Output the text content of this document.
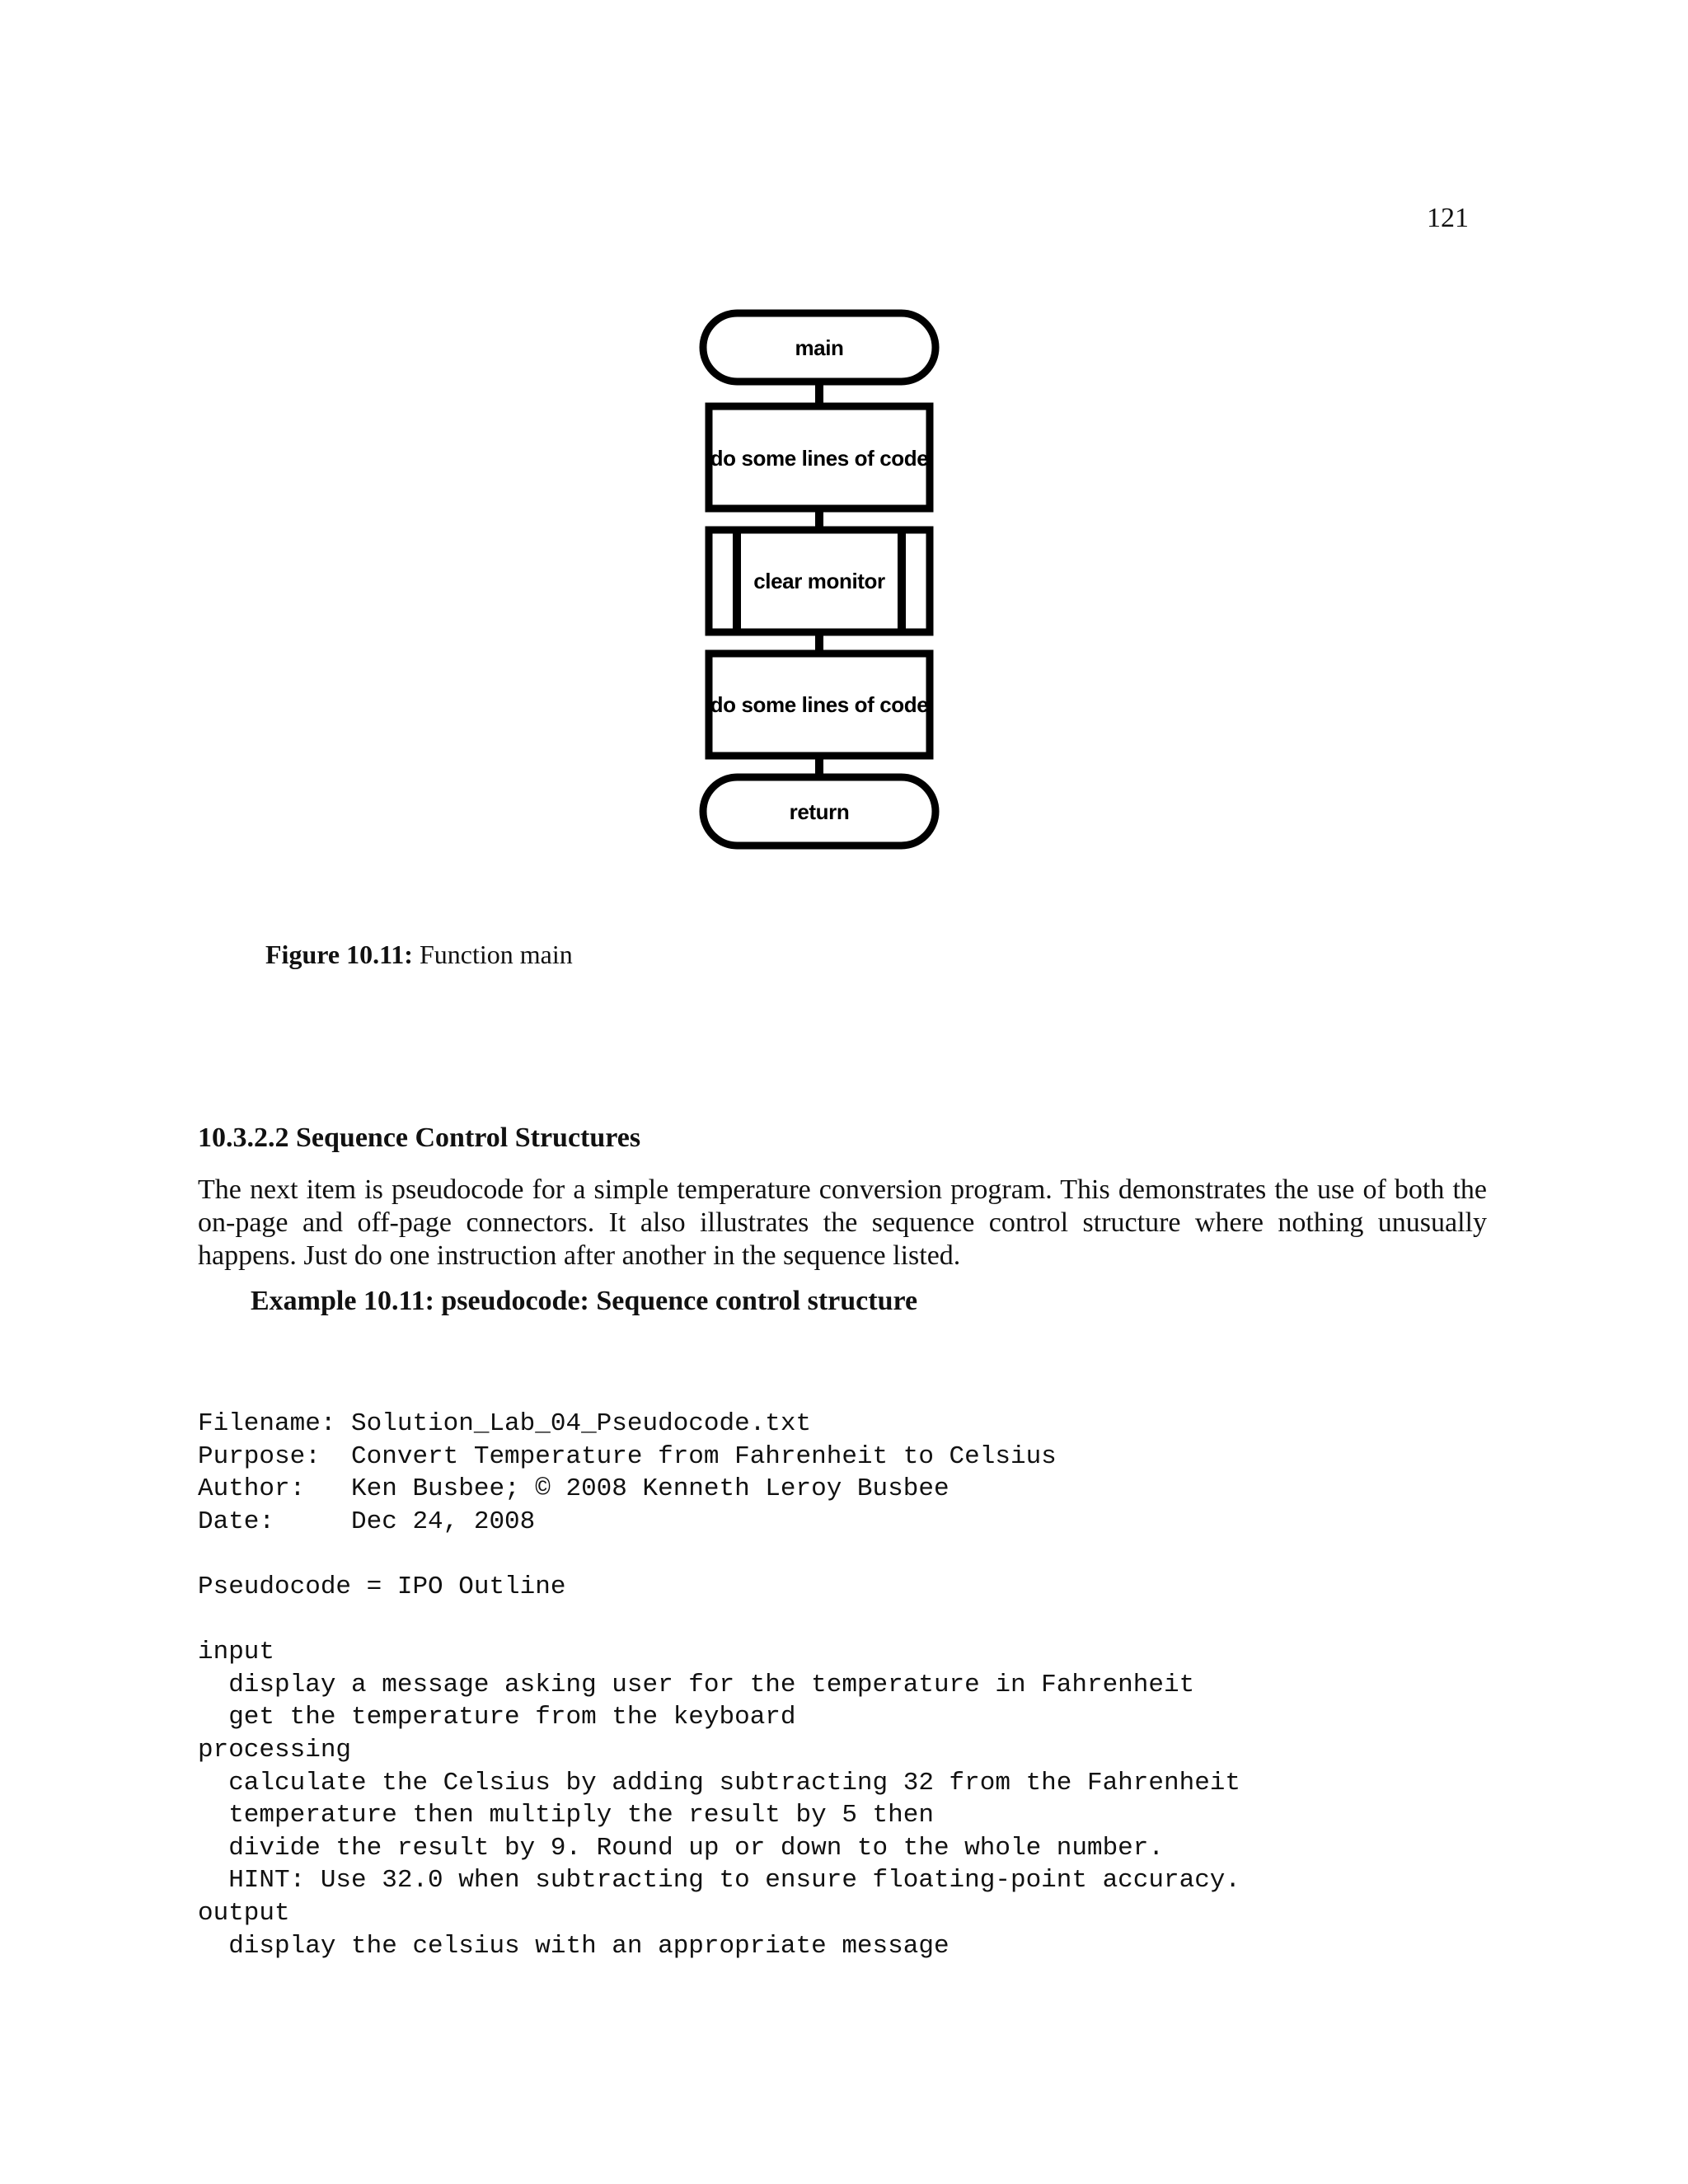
121
main
do some lines of code
clear monitor
do some lines of code
return
Figure 10.11: Function main
10.3.2.2 Sequence Control Structures
The next item is pseudocode for a simple temperature conversion program. This demonstrates the use of both the on-page and off-page connectors. It also illustrates the sequence control structure where nothing unusually happens. Just do one instruction after another in the sequence listed.
Example 10.11: pseudocode: Sequence control structure
Filename: Solution_Lab_04_Pseudocode.txt
Purpose:  Convert Temperature from Fahrenheit to Celsius
Author:   Ken Busbee; © 2008 Kenneth Leroy Busbee
Date:     Dec 24, 2008
Pseudocode = IPO Outline
input
display a message asking user for the temperature in Fahrenheit
get the temperature from the keyboard
processing
calculate the Celsius by adding subtracting 32 from the Fahrenheit
temperature then multiply the result by 5 then
divide the result by 9. Round up or down to the whole number.
HINT: Use 32.0 when subtracting to ensure floating-point accuracy.
output
display the celsius with an appropriate message
